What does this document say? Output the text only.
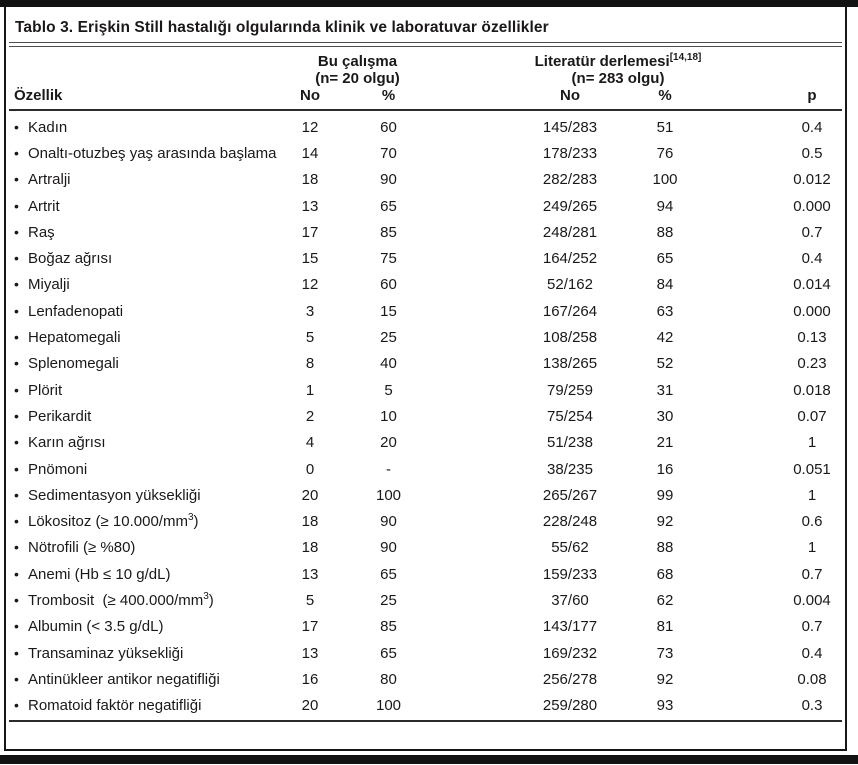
Tablo 3. Erişkin Still hastalığı olgularında klinik ve laboratuvar özellikler
Bu çalışma	Literatür derlemesi[14,18]
(n= 20 olgu)	(n= 283 olgu)
Özellik	No	%	No	%	p
• Kadın	12	60	145/283	51	0.4
• Onaltı-otuzbeş yaş arasında başlama	14	70	178/233	76	0.5
• Artralji	18	90	282/283	100	0.012
• Artrit	13	65	249/265	94	0.000
• Raş	17	85	248/281	88	0.7
• Boğaz ağrısı	15	75	164/252	65	0.4
• Miyalji	12	60	52/162	84	0.014
• Lenfadenopati	3	15	167/264	63	0.000
• Hepatomegali	5	25	108/258	42	0.13
• Splenomegali	8	40	138/265	52	0.23
• Plörit	1	5	79/259	31	0.018
• Perikardit	2	10	75/254	30	0.07
• Karın ağrısı	4	20	51/238	21	1
• Pnömoni	0	-	38/235	16	0.051
• Sedimentasyon yüksekliği	20	100	265/267	99	1
• Lökositoz (≥ $10.000/mm^3$)	18	90	228/248	92	0.6
• Nötrofili (≥ %80)	18	90	55/62	88	1
• Anemi (Hb ≤ 10 g/dL)	13	65	159/233	68	0.7
• Trombosit  (≥ $400.000/mm^3$)	5	25	37/60	62	0.004
• Albumin (< 3.5 g/dL)	17	85	143/177	81	0.7
• Transaminaz yüksekliği	13	65	169/232	73	0.4
• Antinükleer antikor negatifliği	16	80	256/278	92	0.08
• Romatoid faktör negatifliği	20	100	259/280	93	0.3
